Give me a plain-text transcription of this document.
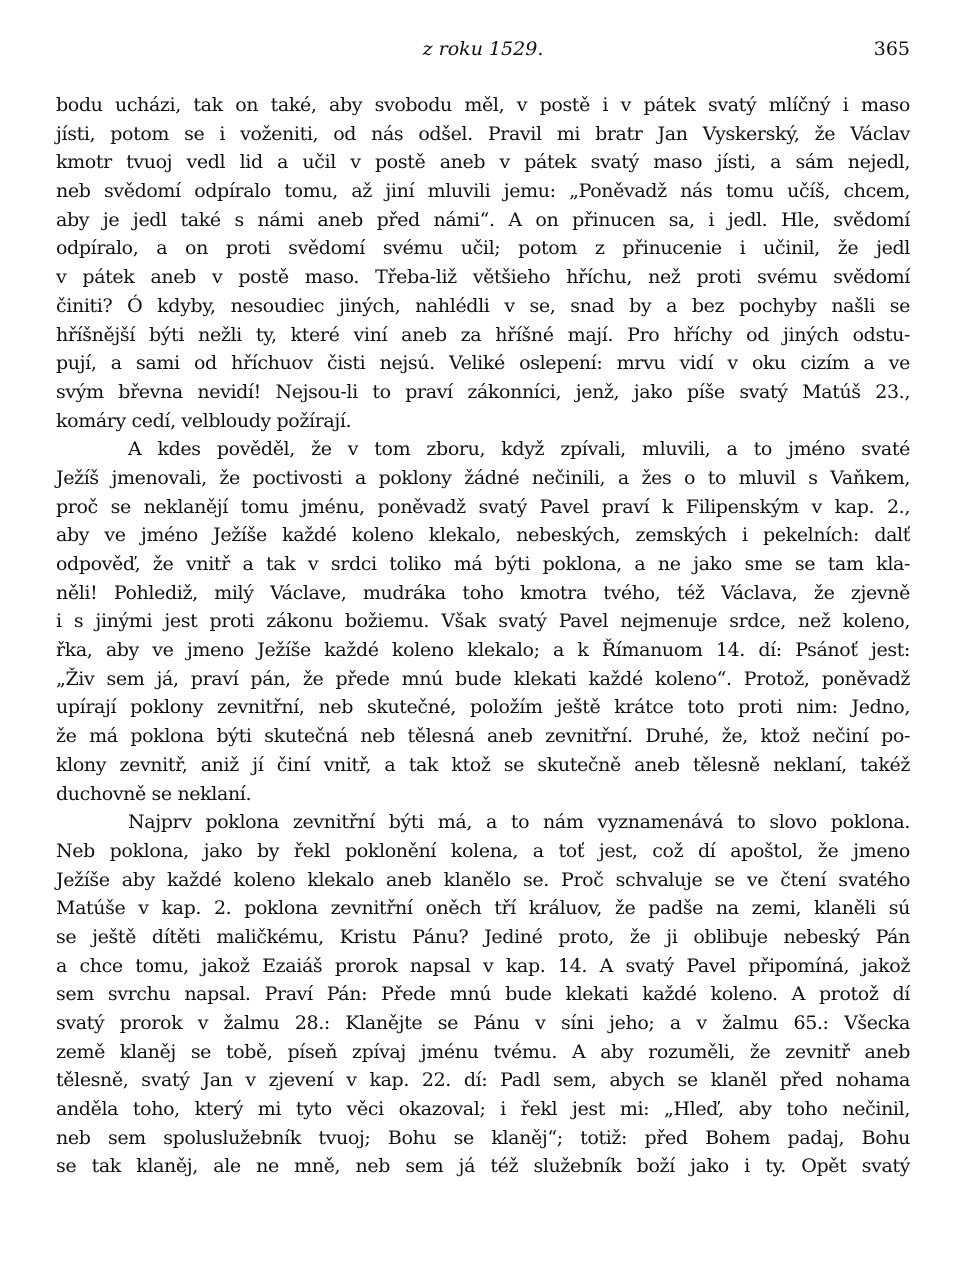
z roku 1529.	365
bodu ucházi, tak on také, aby svobodu měl, v postě i v pátek svatý mlíčný i maso
jísti, potom se i voženiti, od nás odšel. Pravil mi bratr Jan Vyskerský, že Václav
kmotr tvuoj vedl lid a učil v postě aneb v pátek svatý maso jísti, a sám nejedl,
neb svědomí odpíralo tomu, až jiní mluvili jemu: „Poněvadž nás tomu učíš, chcem,
aby je jedl také s námi aneb před námi“. A on přinucen sa, i jedl. Hle, svědomí
odpíralo, a on proti svědomí svému učil; potom z přinucenie i učinil, že jedl
v pátek aneb v postě maso. Třeba-liž většieho hříchu, než proti svému svědomí
činiti? Ó kdyby, nesoudiec jiných, nahlédli v se, snad by a bez pochyby našli se
hříšnější býti nežli ty, které viní aneb za hříšné mají. Pro hříchy od jiných odstu-
pují, a sami od hříchuov čisti nejsú. Veliké oslepení: mrvu vidí v oku cizím a ve
svým břevna nevidí! Nejsou-li to praví zákonníci, jenž, jako píše svatý Matúš 23.,
komáry cedí, velbloudy požírají.
A kdes pověděl, že v tom zboru, když zpívali, mluvili, a to jméno svaté
Ježíš jmenovali, že poctivosti a poklony žádné nečinili, a žes o to mluvil s Vaňkem,
proč se neklanějí tomu jménu, poněvadž svatý Pavel praví k Filipenským v kap. 2.,
aby ve jméno Ježíše každé koleno klekalo, nebeských, zemských i pekelních: dalť
odpověď, že vnitř a tak v srdci toliko má býti poklona, a ne jako sme se tam kla-
něli! Pohlediž, milý Václave, mudráka toho kmotra tvého, též Václava, že zjevně
i s jinými jest proti zákonu božiemu. Však svatý Pavel nejmenuje srdce, než koleno,
řka, aby ve jmeno Ježíše každé koleno klekalo; a k Římanuom 14. dí: Psánoť jest:
„Živ sem já, praví pán, že přede mnú bude klekati každé koleno“. Protož, poněvadž
upírají poklony zevnitřní, neb skutečné, položím ještě krátce toto proti nim: Jedno,
že má poklona býti skutečná neb tělesná aneb zevnitřní. Druhé, že, ktož nečiní po-
klony zevnitř, aniž jí činí vnitř, a tak ktož se skutečně aneb tělesně neklaní, takéž
duchovně se neklaní.
Najprv poklona zevnitřní býti má, a to nám vyznamenává to slovo poklona.
Neb poklona, jako by řekl poklonění kolena, a toť jest, což dí apoštol, že jmeno
Ježíše aby každé koleno klekalo aneb klanělo se. Proč schvaluje se ve čtení svatého
Matúše v kap. 2. poklona zevnitřní oněch tří králuov, že padše na zemi, klaněli sú
se ještě dítěti maličkému, Kristu Pánu? Jediné proto, že ji oblibuje nebeský Pán
a chce tomu, jakož Ezaiáš prorok napsal v kap. 14. A svatý Pavel připomíná, jakož
sem svrchu napsal. Praví Pán: Přede mnú bude klekati každé koleno. A protož dí
svatý prorok v žalmu 28.: Klanějte se Pánu v síni jeho; a v žalmu 65.: Všecka
země klaněj se tobě, píseň zpívaj jménu tvému. A aby rozuměli, že zevnitř aneb
tělesně, svatý Jan v zjevení v kap. 22. dí: Padl sem, abych se klaněl před nohama
anděla toho, který mi tyto věci okazoval; i řekl jest mi: „Hleď, aby toho nečinil,
neb sem spoluslužebník tvuoj; Bohu se klaněj“; totiž: před Bohem padaj, Bohu
se tak klaněj, ale ne mně, neb sem já též služebník boží jako i ty. Opět svatý
